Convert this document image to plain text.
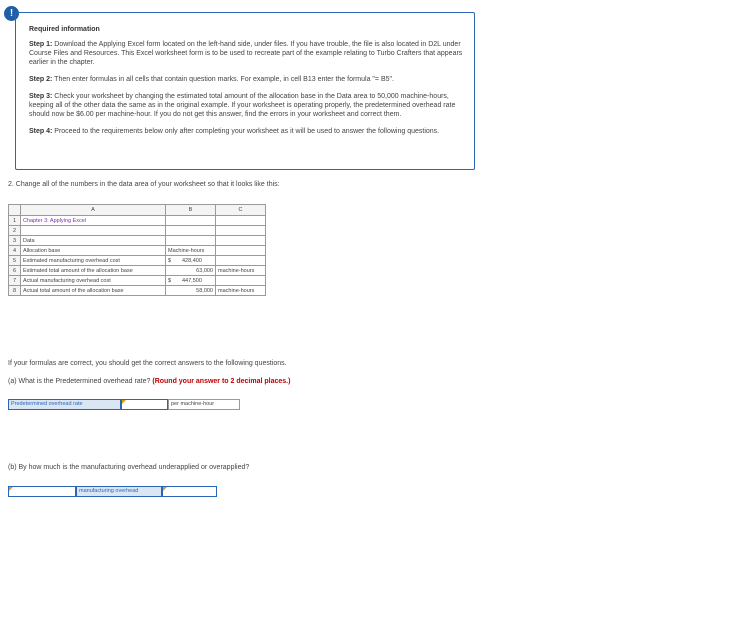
!
Required information
Step 1: Download the Applying Excel form located on the left-hand side, under files. If you have trouble, the file is also located in D2L under Course Files and Resources. This Excel worksheet form is to be used to recreate part of the example relating to Turbo Crafters that appears earlier in the chapter.
Step 2: Then enter formulas in all cells that contain question marks. For example, in cell B13 enter the formula "= B5".
Step 3: Check your worksheet by changing the estimated total amount of the allocation base in the Data area to 50,000 machine-hours, keeping all of the other data the same as in the original example. If your worksheet is operating properly, the predetermined overhead rate should now be $6.00 per machine-hour. If you do not get this answer, find the errors in your worksheet and correct them.
Step 4: Proceed to the requirements below only after completing your worksheet as it will be used to answer the following questions.
2. Change all of the numbers in the data area of your worksheet so that it looks like this:
	A	B	C
1	Chapter 3: Applying Excel		
2			
3	Data		
4	Allocation base	Machine-hours	
5	Estimated manufacturing overhead cost	$ 428,400	
6	Estimated total amount of the allocation base	63,000	machine-hours
7	Actual manufacturing overhead cost	$ 447,500	
8	Actual total amount of the allocation base	58,000	machine-hours
If your formulas are correct, you should get the correct answers to the following questions.
(a) What is the Predetermined overhead rate? (Round your answer to 2 decimal places.)
Predetermined overhead rate	per machine-hour
(b) By how much is the manufacturing overhead underapplied or overapplied?
manufacturing overhead
